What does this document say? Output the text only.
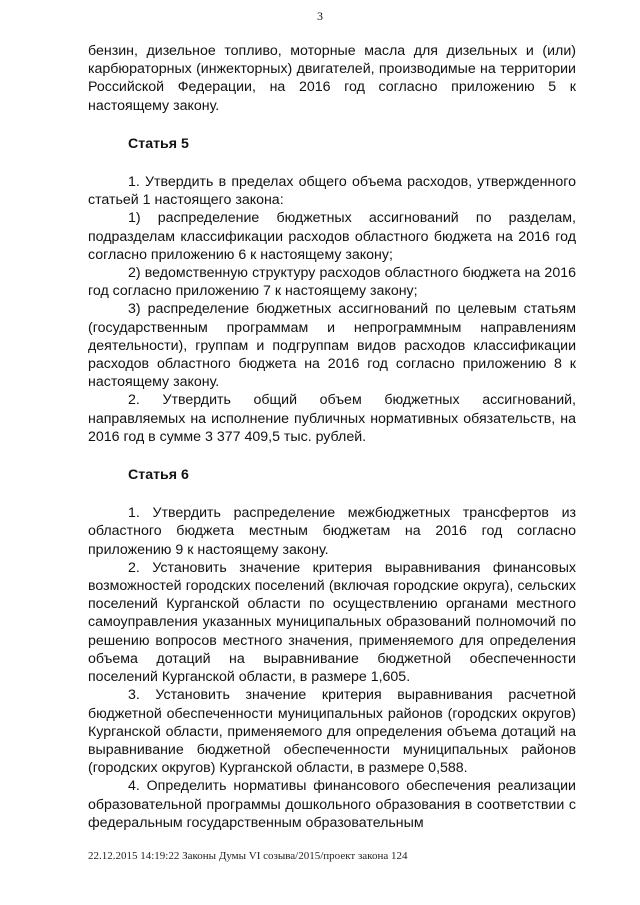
3

бензин, дизельное топливо, моторные масла для дизельных и (или) карбюраторных (инжекторных) двигателей, производимые на территории Российской Федерации, на 2016 год согласно приложению 5 к настоящему закону.

Статья 5

1. Утвердить в пределах общего объема расходов, утвержденного статьей 1 настоящего закона:

1) распределение бюджетных ассигнований по разделам, подразделам классификации расходов областного бюджета на 2016 год согласно приложению 6 к настоящему закону;

2) ведомственную структуру расходов областного бюджета на 2016 год согласно приложению 7 к настоящему закону;

3) распределение бюджетных ассигнований по целевым статьям (государственным программам и непрограммным направлениям деятельности), группам и подгруппам видов расходов классификации расходов областного бюджета на 2016 год согласно приложению 8 к настоящему закону.

2. Утвердить общий объем бюджетных ассигнований, направляемых на исполнение публичных нормативных обязательств, на 2016 год в сумме 3 377 409,5 тыс. рублей.

Статья 6

1. Утвердить распределение межбюджетных трансфертов из областного бюджета местным бюджетам на 2016 год согласно приложению 9 к настоящему закону.

2. Установить значение критерия выравнивания финансовых возможностей городских поселений (включая городские округа), сельских поселений Курганской области по осуществлению органами местного самоуправления указанных муниципальных образований полномочий по решению вопросов местного значения, применяемого для определения объема дотаций на выравнивание бюджетной обеспеченности поселений Курганской области, в размере 1,605.

3. Установить значение критерия выравнивания расчетной бюджетной обеспеченности муниципальных районов (городских округов) Курганской области, применяемого для определения объема дотаций на выравнивание бюджетной обеспеченности муниципальных районов (городских округов) Курганской области, в размере 0,588.

4. Определить нормативы финансового обеспечения реализации образовательной программы дошкольного образования в соответствии с федеральным государственным образовательным

22.12.2015 14:19:22 Законы Думы VI созыва/2015/проект закона 124
